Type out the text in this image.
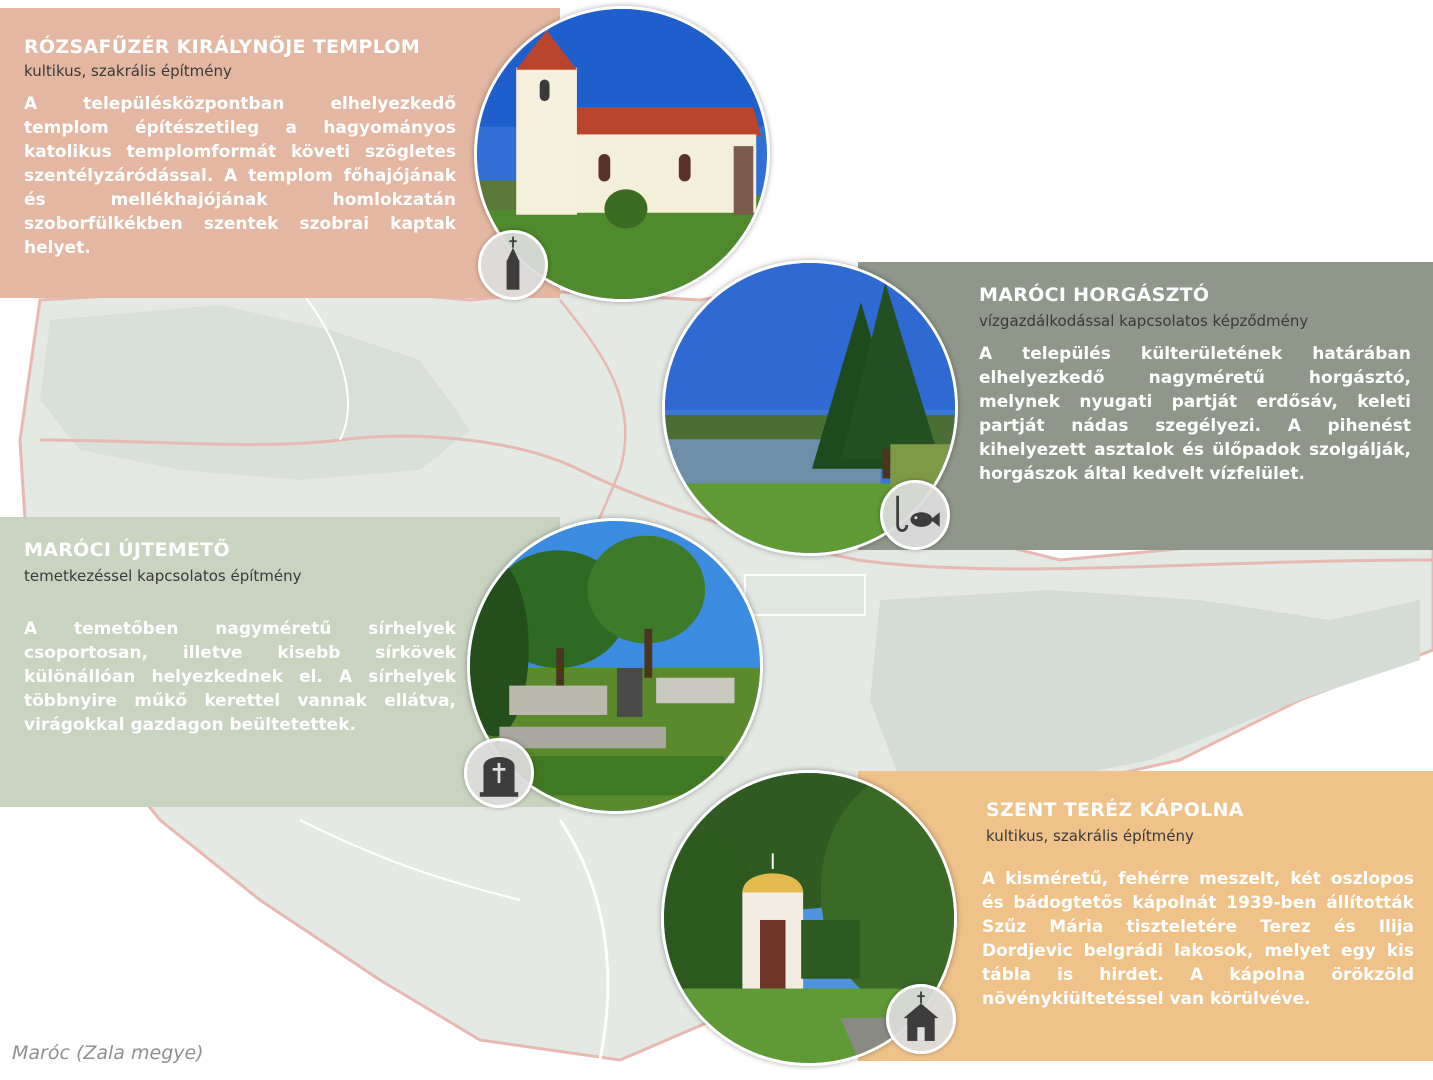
RÓZSAFŰZÉR KIRÁLYNŐJE TEMPLOM
kultikus, szakrális építmény

A településközpontban elhelyezkedő templom építészetileg a hagyományos katolikus templomformát követi szögletes szentélyzáródással. A templom főhajójának és mellékhajójának homlokzatán szoborfülkékben szentek szobrai kaptak helyet.

MARÓCI HORGÁSZTÓ
vízgazdálkodással kapcsolatos képződmény

A település külterületének határában elhelyezkedő nagyméretű horgásztó, melynek nyugati partját erdősáv, keleti partját nádas szegélyezi. A pihenést kihelyezett asztalok és ülőpadok szolgálják, horgászok által kedvelt vízfelület.

MARÓCI ÚJTEMETŐ
temetkezéssel kapcsolatos építmény

A temetőben nagyméretű sírhelyek csoportosan, illetve kisebb sírkövek különállóan helyezkednek el. A sírhelyek többnyire műkő kerettel vannak ellátva, virágokkal gazdagon beültetettek.

SZENT TERÉZ KÁPOLNA
kultikus, szakrális építmény

A kisméretű, fehérre meszelt, két oszlopos és bádogtetős kápolnát 1939-ben állították Szűz Mária tiszteletére Terez és Ilija Dordjevic belgrádi lakosok, melyet egy kis tábla is hirdet. A kápolna örökzöld növénykiültetéssel van körülvéve.

Maróc (Zala megye)
